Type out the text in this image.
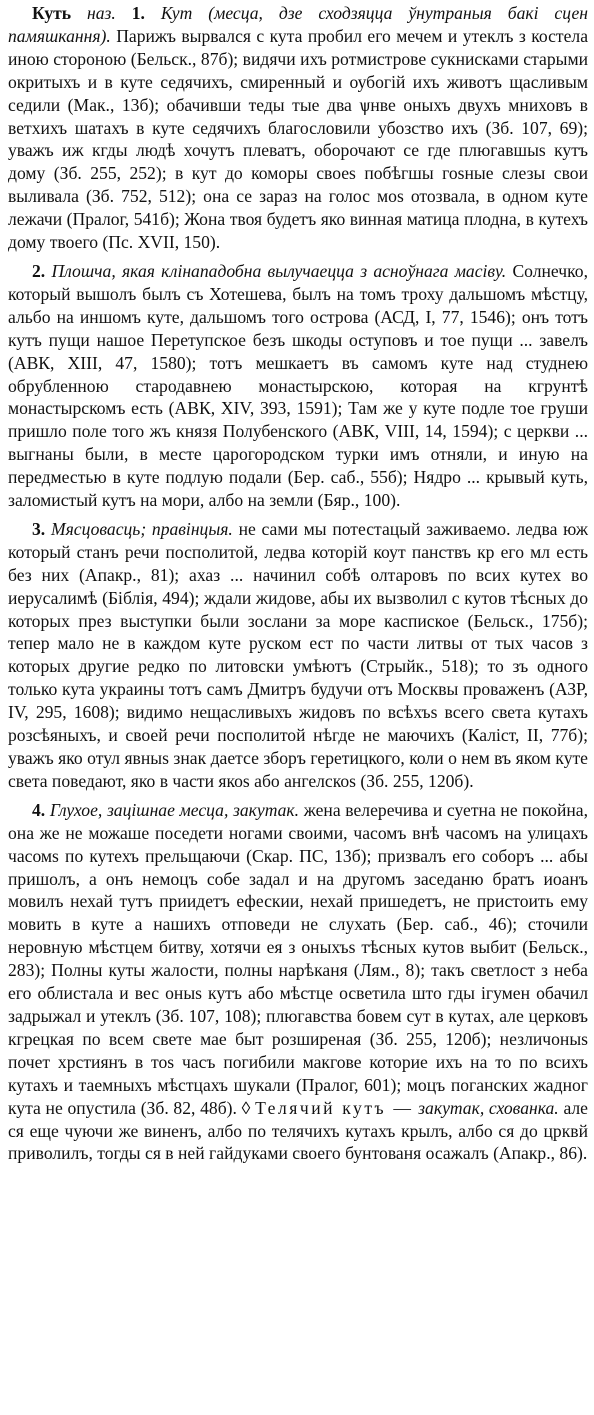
Куть наз. 1. Кут (месца, дзе сходзяцца ўнутраныя бакі сцен памяшкання). Парижъ вырвался с кута пробил его мечем и утеклъ з костела иною стороною (Бельск., 87б); видячи ихъ ротмистрове сукнисками старыми окритыхъ и в куте седячихъ, смиренный и оубогій ихъ животъ щасливым седили (Мак., 13б); обачивши теды тые два ѱнве оныхъ двухъ мниховъ в ветхихъ шатахъ в куте седячихъ благословили убозство ихъ (Зб. 107, 69); уважъ иж кгды людѣ хочутъ плеватъ, оборочают се где плюгавшыs кутъ дому (Зб. 255, 252); в кут до коморы своеs побѣгшы гоsные слезы свои выливала (Зб. 752, 512); она се зараз на голос моs отозвала, в одном куте лежачи (Пралог, 541б); Жона твоя будетъ яко винная матица плодна, в кутехъ дому твоего (Пс. XVII, 150).

2. Плошча, якая клінападобна вылучаецца з асноўнага масіву. Солнечко, который вышолъ былъ съ Хотешева, былъ на томъ троху дальшомъ мѣстцу, альбо на иншомъ куте, дальшомъ того острова (АСД, I, 77, 1546); онъ тотъ кутъ пущи нашое Перетупское безъ шкоды оступовъ и тое пущи ... завелъ (АВК, XIII, 47, 1580); тотъ мешкаетъ въ самомъ куте над студнею обрубленною стародавнею монастырскою, которая на кгрунтѣ монастырскомъ есть (АВК, XIV, 393, 1591); Там же у куте подле тое груши пришло поле того жъ князя Полубенского (АВК, VIII, 14, 1594); с церкви ... выгнаны были, в месте царогородском турки имъ отняли, и иную на передместью в куте подлую подали (Бер. саб., 55б); Нядро ... крывый куть, заломистый кутъ на мори, албо на земли (Бяр., 100).

3. Мясцовасць; правінцыя. не сами мы потестацый заживаемо. ледва юж который станъ речи посполитой, ледва которій коут панствъ кр его мл есть без них (Апакр., 81); ахаз ... начинил собѣ олтаровъ по всих кутех во иерусалимѣ (Біблія, 494); ждали жидове, абы их вызволил с кутов тѣсных до которых през выступки были зослани за море каспиское (Бельск., 175б); тепер мало не в каждом куте руском ест по части литвы от тых часов з которых другие редко по литовски умѣютъ (Стрыйк., 518); то зъ одного только кута украины тотъ самъ Дмитръ будучи отъ Москвы проваженъ (АЗР, IV, 295, 1608); видимо нещасливыхъ жидовъ по всѣхъs всего света кутахъ розсѣяныхъ, и своей речи посполитой нѣгде не маючихъ (Каліст, II, 77б); уважъ яко отул явныs знак даетсе зборъ геретицкого, коли о нем въ яком куте света поведают, яко в части якоs або ангелскоs (Зб. 255, 120б).

4. Глухое, зацішнае месца, закутак. жена велеречива и суетна не покойна, она же не можаше поседети ногами своими, часомъ внѣ часомъ на улицахъ часомs по кутехъ прельщаючи (Скар. ПС, 13б); призвалъ его соборъ ... абы пришолъ, а онъ немоцъ собе задал и на другомъ заседаню братъ иоанъ мовилъ нехай тутъ приидетъ ефескии, нехай пришедетъ, не пристоить ему мовить в куте а нашихъ отповеди не слухать (Бер. саб., 46); сточили неровную мѣстцем битву, хотячи ея з оныхъs тѣсных кутов выбит (Бельск., 283); Полны куты жалости, полны нарѣканя (Лям., 8); такъ светлост з неба его облистала и вес оныs кутъ або мѣстце осветила што гды ігумен обачил задрыжал и утеклъ (Зб. 107, 108); плюгавства бовем сут в кутах, але церковъ кгрецкая по всем свете мае быт розширеная (Зб. 255, 120б); незличоныs почет хрстиянъ в тоs часъ погибили макгове которие ихъ на то по всихъ кутахъ и таемныхъ мѣстцахъ шукали (Пралог, 601); моцъ поганских жадног кута не опустила (Зб. 82, 48б). ◊ Телячий кутъ — закутак, схованка. але ся еще чуючи же виненъ, албо по телячихъ кутахъ крылъ, албо ся до црквй приволилъ, тогды ся в ней гайдуками своего бунтованя осажалъ (Апакр., 86).
